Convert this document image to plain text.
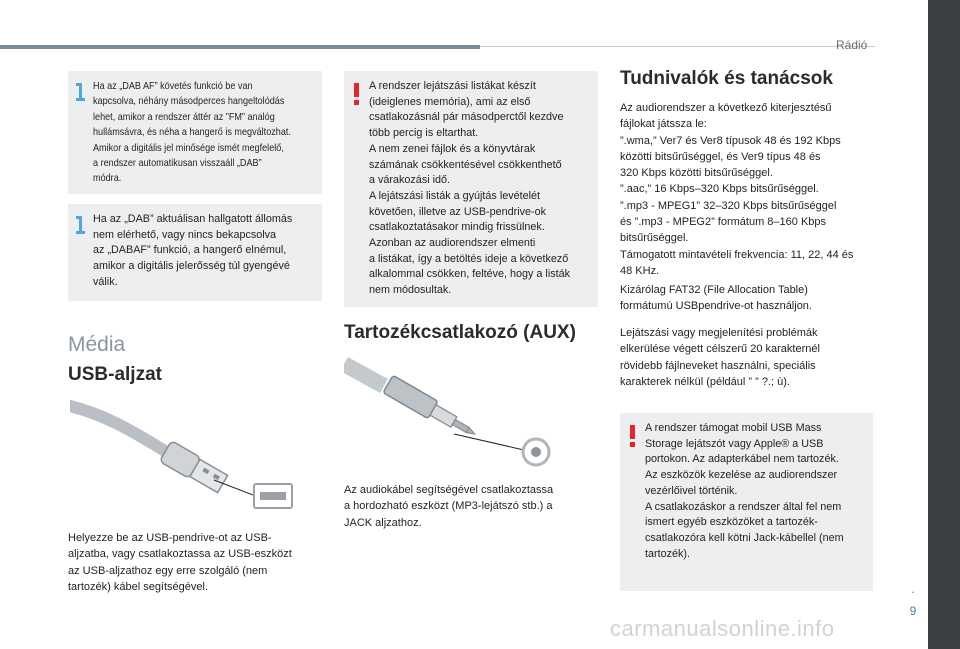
Rádió
.
9
Ha az „DAB AF” követés funkció be van
kapcsolva, néhány másodperces hangeltolódás
lehet, amikor a rendszer áttér az ”FM” analóg
hullámsávra, és néha a hangerő is megváltozhat.
Amikor a digitális jel minősége ismét megfelelő,
a rendszer automatikusan visszaáll „DAB”
módra.
Ha az „DAB” aktuálisan hallgatott állomás
nem elérhető, vagy nincs bekapcsolva
az „DABAF” funkció, a hangerő elnémul,
amikor a digitális jelerősség túl gyengévé
válik.
Média
USB-aljzat
Helyezze be az USB-pendrive-ot az USB-
aljzatba, vagy csatlakoztassa az USB-eszközt
az USB-aljzathoz egy erre szolgáló (nem
tartozék) kábel segítségével.
A rendszer lejátszási listákat készít
(ideiglenes memória), ami az első
csatlakozásnál pár másodperctől kezdve
több percig is eltarthat.
A nem zenei fájlok és a könyvtárak
számának csökkentésével csökkenthető
a várakozási idő.
A lejátszási listák a gyújtás levételét
követően, illetve az USB-pendrive-ok
csatlakoztatásakor mindig frissülnek.
Azonban az audiorendszer elmenti
a listákat, így a betöltés ideje a következő
alkalommal csökken, feltéve, hogy a listák
nem módosultak.
Tartozékcsatlakozó (AUX)
Az audiokábel segítségével csatlakoztassa
a hordozható eszközt (MP3-lejátszó stb.) a
JACK aljzathoz.
Tudnivalók és tanácsok
Az audiorendszer a következő kiterjesztésű
fájlokat játssza le:
”.wma,” Ver7 és Ver8 típusok 48 és 192 Kbps
közötti bitsűrűséggel, és Ver9 típus 48 és
320 Kbps közötti bitsűrűséggel.
”.aac,” 16 Kbps–320 Kbps bitsűrűséggel.
”.mp3 - MPEG1” 32–320 Kbps bitsűrűséggel
és ”.mp3 - MPEG2” formátum 8–160 Kbps
bitsűrűséggel.
Támogatott mintavételi frekvencia: 11, 22, 44 és
48 KHz.
Kizárólag FAT32 (File Allocation Table)
formátumú USBpendrive-ot használjon.
Lejátszási vagy megjelenítési problémák
elkerülése végett célszerű 20 karakternél
rövidebb fájlneveket használni, speciális
karakterek nélkül (például ” ” ?.; ù).
A rendszer támogat mobil USB Mass
Storage lejátszót vagy Apple® a USB
portokon. Az adapterkábel nem tartozék.
Az eszközök kezelése az audiorendszer
vezérlőivel történik.
A csatlakozáskor a rendszer által fel nem
ismert egyéb eszközöket a tartozék-
csatlakozóra kell kötni Jack-kábellel (nem
tartozék).
carmanualsonline.info
